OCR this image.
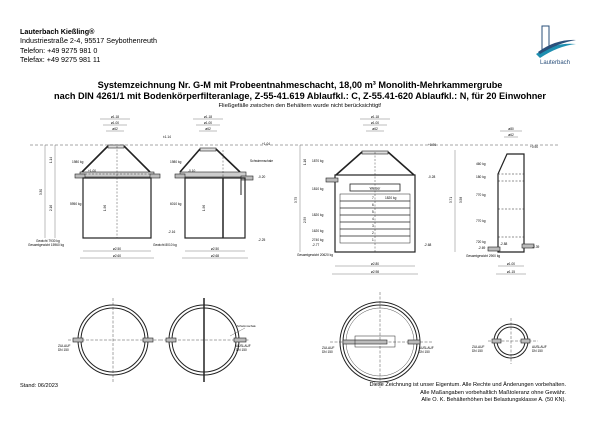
Lauterbach Kießling®
Industriestraße 2-4, 95517 Seybothenreuth
Telefon: +49 9275 981 0
Telefax: +49 9275 981 11	Lauterbach
Systemzeichnung Nr. G-M mit Probeentnahmeschacht, 18,00 m³ Monolith-Mehrkammergrube
nach DIN 4261/1 mit Bodenkörperfilteranlage, Z-55-41.619 Ablaufkl.: C, Z-55.41-620 Ablaufkl.: N, für 20 Einwohner
Fließgefälle zwischen den Behältern wurde nicht berücksichtigt!
ø1.18
ø1.00
ø62
3.30
1.14
2.16	1.96
1980 kg
5950 kg
±1.14
+1.00
-2.16
Gewicht 7930 kg
Gesamtgewicht 15960 kg
ø2.50
ø2.60
ø1.18
ø1.00
ø62
Schwimmschale
1980 kg
6010 kg
1.96
+1.04
-0.10
-0.20
-2.25
Gewicht 8010 kg
ø2.50
ø2.68
ø1.18
ø1.00
ø62
Wasser
7
6
5
4
3
2
1
1820 kg
1870 kg
1810 kg
1820 kg
1620 kg
2740 kg
-2.77
Gesamtgewicht 20620 kg
3.75
1.16
2.59
+0.96
-0.28
-2.68
ø2.80
ø2.98
ø80
ø62
460 kg
180 kg
770 kg
770 kg
720 kg
3.71 3.58
+0.90
-2.69
-2.88
-2.39
Gesamtgewicht 2900 kg
ø1.00
ø1.15
ZULAUF
DN 150
Schwimmschale
AUSLAUF
DN 150	ZULAUF
DN 150
AUSLAUF
DN 150
ZULAUF
DN 150
AUSLAUF
DN 150
Stand: 06/2023	Diese Zeichnung ist unser Eigentum. Alle Rechte und Änderungen vorbehalten.
Alle Maßangaben vorbehaltlich Maßtoleranz ohne Gewähr.
Alle O. K. Behälterhöhen bei Belastungsklasse A. (50 KN).
